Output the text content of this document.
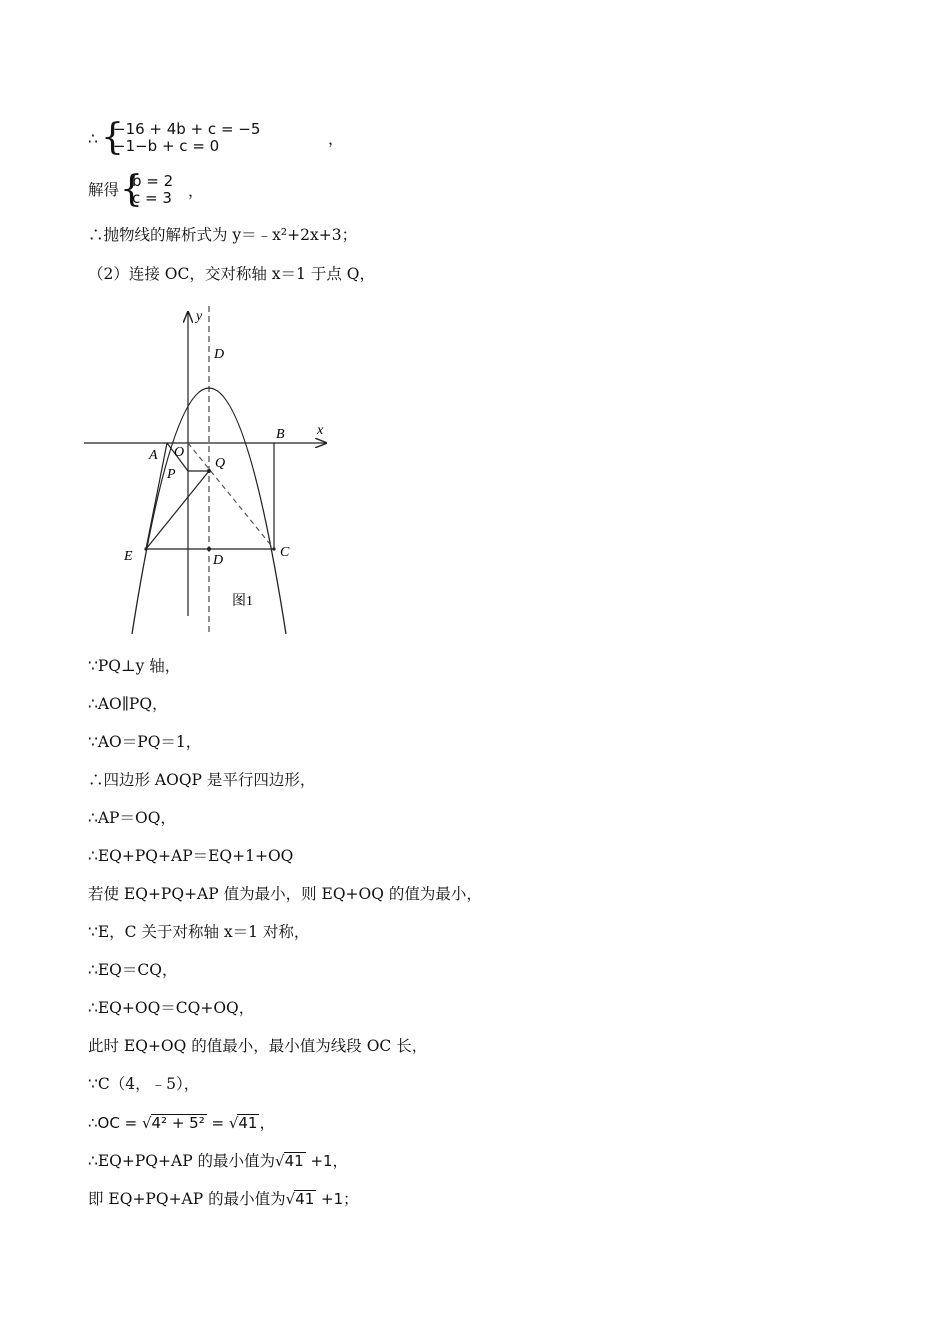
∴ {
−16 + 4b + c = −5
−1−b + c = 0	，
解得 {
b = 2
c = 3 ，
∴抛物线的解析式为 y＝﹣x²+2x+3；
（2）连接 OC，交对称轴 x＝1 于点 Q，
y
x
D
B
O
A
Q
P
E	C
D
图1
∵PQ⊥y 轴，
∴AO∥PQ，
∵AO＝PQ＝1，
∴四边形 AOQP 是平行四边形，
∴AP＝OQ，
∴EQ+PQ+AP＝EQ+1+OQ
若使 EQ+PQ+AP 值为最小，则 EQ+OQ 的值为最小，
∵E，C 关于对称轴 x＝1 对称，
∴EQ＝CQ，
∴EQ+OQ＝CQ+OQ，
此时 EQ+OQ 的值最小，最小值为线段 OC 长，
∵C（4，﹣5），
∴OC = √4² + 5² = √41 ，
∴EQ+PQ+AP 的最小值为√41 +1，
即 EQ+PQ+AP 的最小值为√41 +1；
